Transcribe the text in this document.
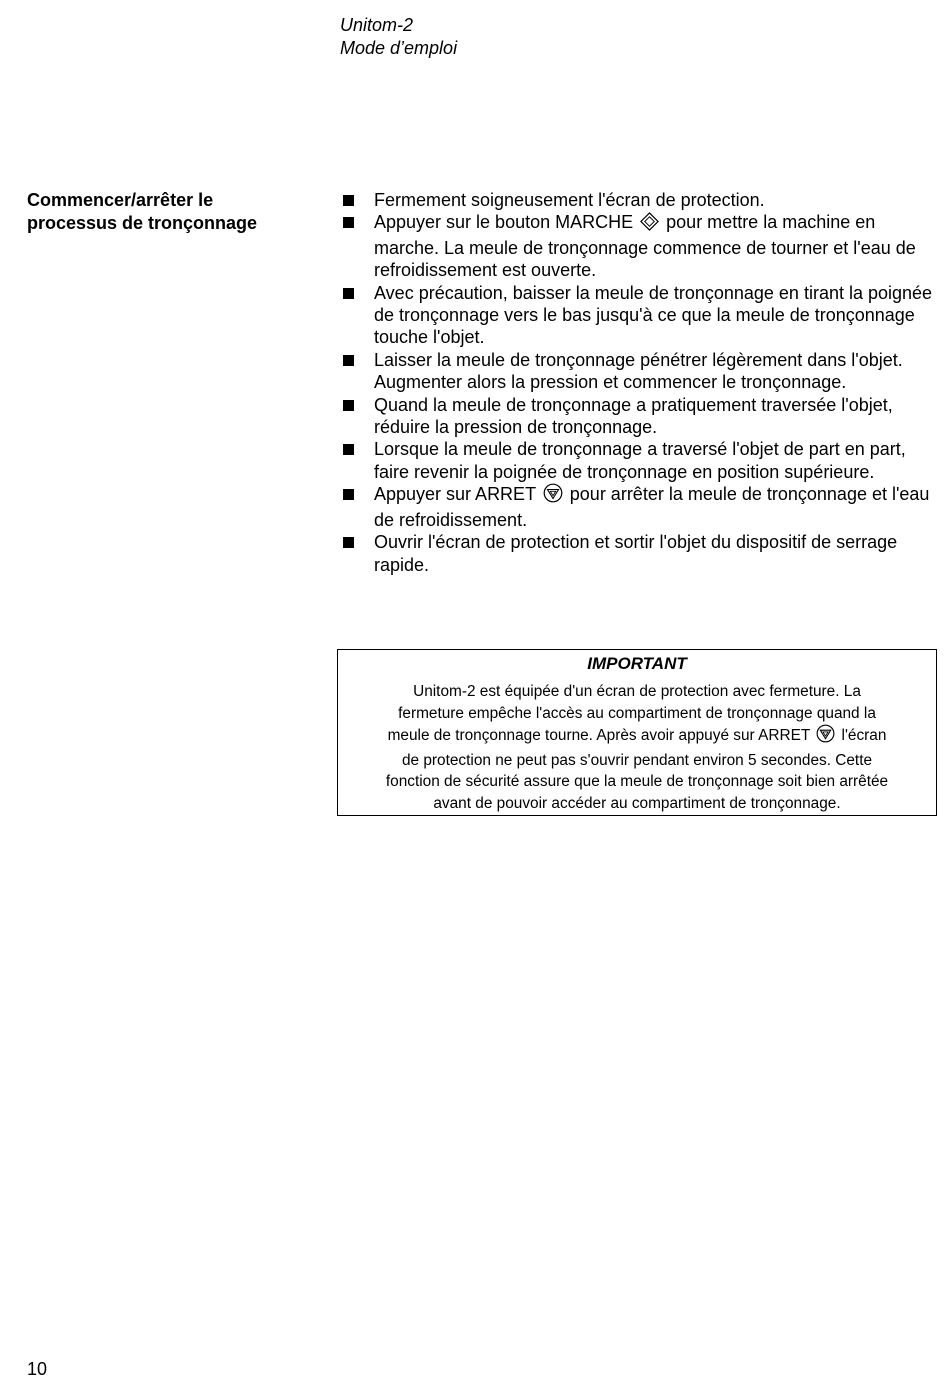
Unitom-2
Mode d’emploi
Commencer/arrêter le
processus de tronçonnage
Fermement soigneusement l'écran de protection.
Appuyer sur le bouton MARCHE pour mettre la machine en marche. La meule de tronçonnage commence de tourner et l'eau de refroidissement est ouverte.
Avec précaution, baisser la meule de tronçonnage en tirant la poignée de tronçonnage vers le bas jusqu'à ce que la meule de tronçonnage touche l'objet.
Laisser la meule de tronçonnage pénétrer légèrement dans l'objet. Augmenter alors la pression et commencer le tronçonnage.
Quand la meule de tronçonnage a pratiquement traversée l'objet, réduire la pression de tronçonnage.
Lorsque la meule de tronçonnage a traversé l'objet de part en part, faire revenir la poignée de tronçonnage en position supérieure.
Appuyer sur ARRET pour arrêter la meule de tronçonnage et l'eau de refroidissement.
Ouvrir l'écran de protection et sortir l'objet du dispositif de serrage rapide.
IMPORTANT
Unitom-2 est équipée d'un écran de protection avec fermeture. La
fermeture empêche l'accès au compartiment de tronçonnage quand la
meule de tronçonnage tourne. Après avoir appuyé sur ARRET l'écran
de protection ne peut pas s'ouvrir pendant environ 5 secondes. Cette
fonction de sécurité assure que la meule de tronçonnage soit bien arrêtée
avant de pouvoir accéder au compartiment de tronçonnage.
10
